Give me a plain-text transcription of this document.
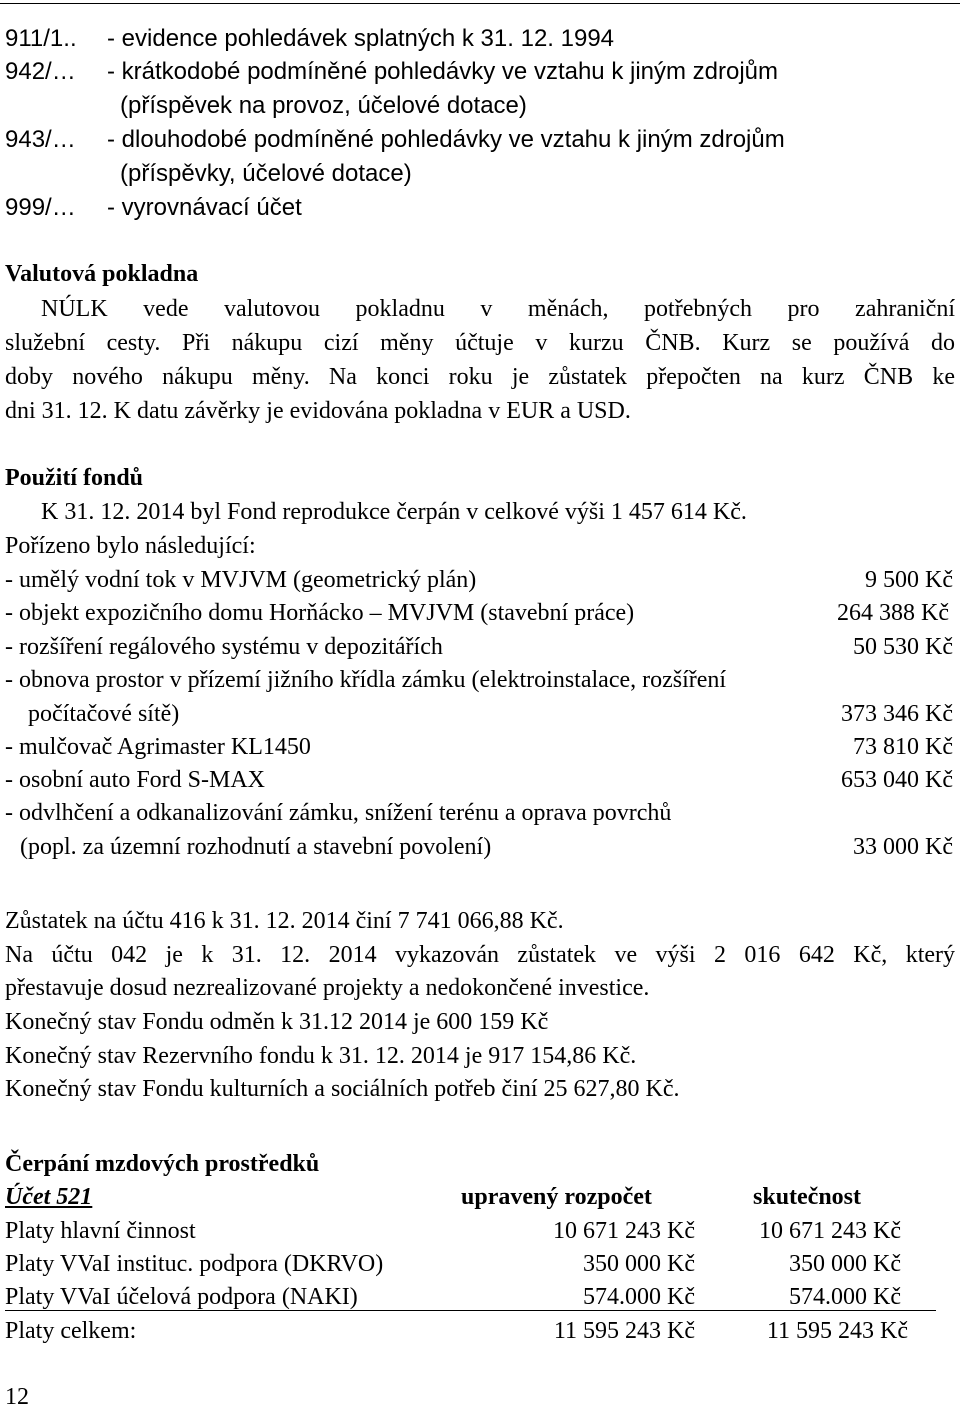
911/1.. - evidence pohledávek splatných k 31. 12. 1994
942/… - krátkodobé podmíněné pohledávky ve vztahu k jiným zdrojům
(příspěvek na provoz, účelové dotace)
943/… - dlouhodobé podmíněné pohledávky ve vztahu k jiným zdrojům
(příspěvky, účelové dotace)
999/… - vyrovnávací účet
Valutová pokladna
NÚLK vede valutovou pokladnu v měnách, potřebných pro zahraniční
služební cesty. Při nákupu cizí měny účtuje v kurzu ČNB. Kurz se používá do
doby nového nákupu měny. Na konci roku je zůstatek přepočten na kurz ČNB ke
dni 31. 12. K datu závěrky je evidována pokladna v EUR a USD.
Použití fondů
K 31. 12. 2014 byl Fond reprodukce čerpán v celkové výši 1 457 614 Kč.
Pořízeno bylo následující:
- umělý vodní tok v MVJVM (geometrický plán)	9 500 Kč
- objekt expozičního domu Horňácko – MVJVM (stavební práce)	264 388 Kč
- rozšíření regálového systému v depozitářích	50 530 Kč
- obnova prostor v přízemí jižního křídla zámku (elektroinstalace, rozšíření
počítačové sítě)	373 346 Kč
- mulčovač Agrimaster KL1450	73 810 Kč
- osobní auto Ford S-MAX	653 040 Kč
- odvlhčení a odkanalizování zámku, snížení terénu a oprava povrchů
(popl. za územní rozhodnutí a stavební povolení)	33 000 Kč
Zůstatek na účtu 416 k 31. 12. 2014 činí 7 741 066,88 Kč.
Na účtu 042 je k 31. 12. 2014 vykazován zůstatek ve výši 2 016 642 Kč, který
přestavuje dosud nezrealizované projekty a nedokončené investice.
Konečný stav Fondu odměn k 31.12 2014 je 600 159 Kč
Konečný stav Rezervního fondu k 31. 12. 2014 je 917 154,86 Kč.
Konečný stav Fondu kulturních a sociálních potřeb činí 25 627,80 Kč.
Čerpání mzdových prostředků
Účet 521	upravený rozpočet	skutečnost
Platy hlavní činnost	10 671 243 Kč	10 671 243 Kč
Platy VVaI instituc. podpora (DKRVO)	350 000 Kč	350 000 Kč
Platy VVaI účelová podpora (NAKI)	574.000 Kč	574.000 Kč
Platy celkem:	11 595 243 Kč	11 595 243 Kč
12
